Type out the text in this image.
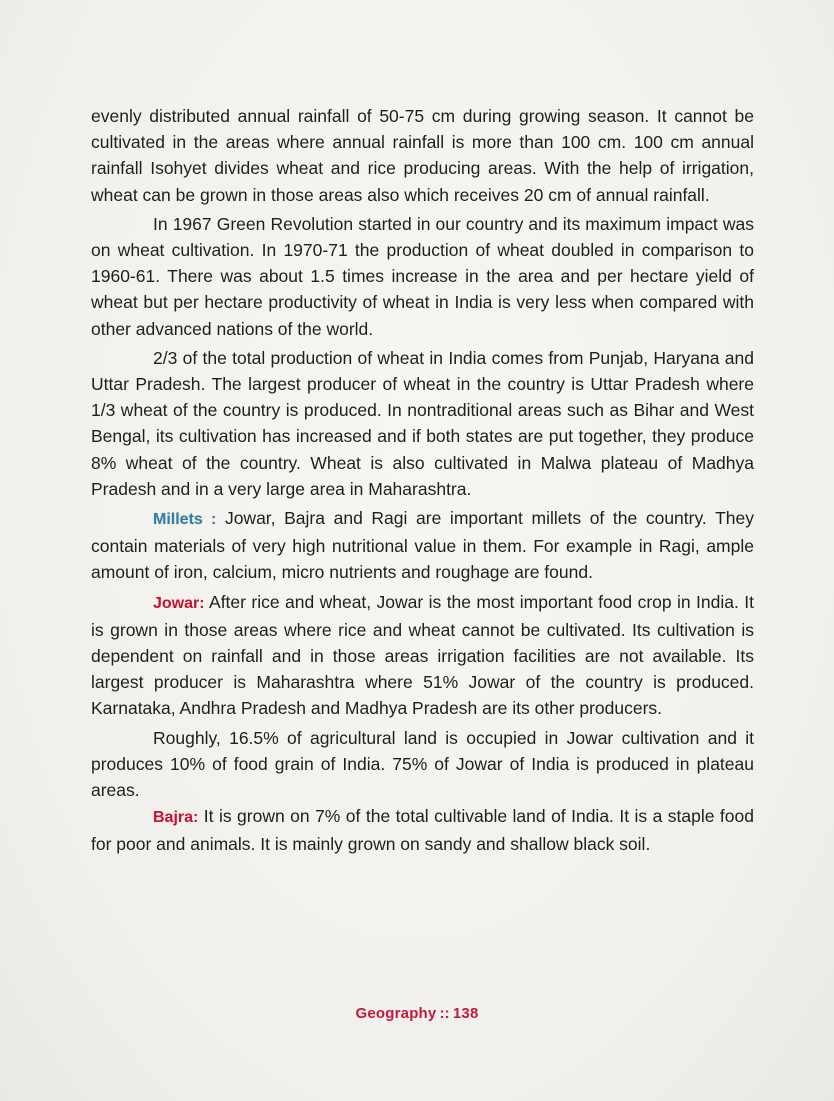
evenly distributed annual rainfall of 50-75 cm during growing season. It cannot be cultivated in the areas where annual rainfall is more than 100 cm. 100 cm annual rainfall Isohyet divides wheat and rice producing areas. With the help of irrigation, wheat can be grown in those areas also which receives 20 cm of annual rainfall.

In 1967 Green Revolution started in our country and its maximum impact was on wheat cultivation. In 1970-71 the production of wheat doubled in comparison to 1960-61. There was about 1.5 times increase in the area and per hectare yield of wheat but per hectare productivity of wheat in India is very less when compared with other advanced nations of the world.

2/3 of the total production of wheat in India comes from Punjab, Haryana and Uttar Pradesh. The largest producer of wheat in the country is Uttar Pradesh where 1/3 wheat of the country is produced. In nontraditional areas such as Bihar and West Bengal, its cultivation has increased and if both states are put together, they produce 8% wheat of the country. Wheat is also cultivated in Malwa plateau of Madhya Pradesh and in a very large area in Maharashtra.

Millets : Jowar, Bajra and Ragi are important millets of the country. They contain materials of very high nutritional value in them. For example in Ragi, ample amount of iron, calcium, micro nutrients and roughage are found.

Jowar: After rice and wheat, Jowar is the most important food crop in India. It is grown in those areas where rice and wheat cannot be cultivated. Its cultivation is dependent on rainfall and in those areas irrigation facilities are not available. Its largest producer is Maharashtra where 51% Jowar of the country is produced. Karnataka, Andhra Pradesh and Madhya Pradesh are its other producers.

Roughly, 16.5% of agricultural land is occupied in Jowar cultivation and it produces 10% of food grain of India. 75% of Jowar of India is produced in plateau areas.

Bajra: It is grown on 7% of the total cultivable land of India. It is a staple food for poor and animals. It is mainly grown on sandy and shallow black soil.

Geography :: 138
